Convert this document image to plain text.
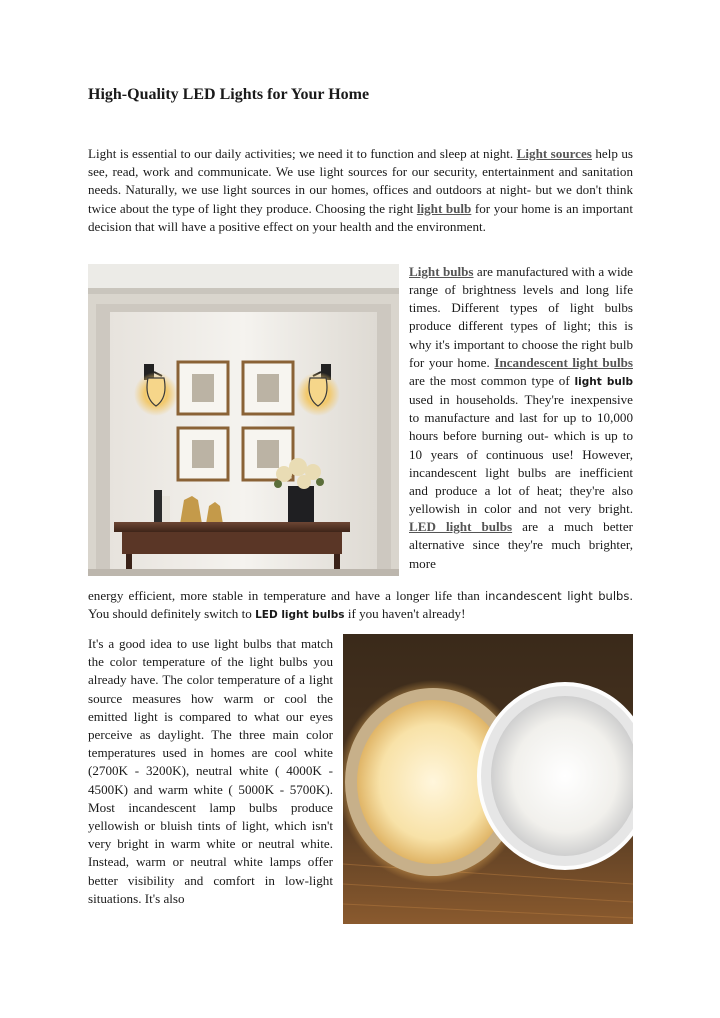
High-Quality LED Lights for Your Home

Light is essential to our daily activities; we need it to function and sleep at night. Light sources help us see, read, work and communicate. We use light sources for our security, entertainment and sanitation needs. Naturally, we use light sources in our homes, offices and outdoors at night- but we don't think twice about the type of light they produce. Choosing the right light bulb for your home is an important decision that will have a positive effect on your health and the environment.

Light bulbs are manufactured with a wide range of brightness levels and long life times. Different types of light bulbs produce different types of light; this is why it's important to choose the right bulb for your home. Incandescent light bulbs are the most common type of light bulb used in households. They're inexpensive to manufacture and last for up to 10,000 hours before burning out- which is up to 10 years of continuous use! However, incandescent light bulbs are inefficient and produce a lot of heat; they're also yellowish in color and not very bright. LED light bulbs are a much better alternative since they're much brighter, more

energy efficient, more stable in temperature and have a longer life than incandescent light bulbs.
You should definitely switch to LED light bulbs if you haven't already!

It's a good idea to use light bulbs that match the color temperature of the light bulbs you already have. The color temperature of a light source measures how warm or cool the emitted light is compared to what our eyes perceive as daylight. The three main color temperatures used in homes are cool white (2700K - 3200K), neutral white ( 4000K - 4500K) and warm white ( 5000K - 5700K). Most incandescent lamp bulbs produce yellowish or bluish tints of light, which isn't very bright in warm white or neutral white. Instead, warm or neutral white lamps offer better visibility and comfort in low-light situations. It's also
